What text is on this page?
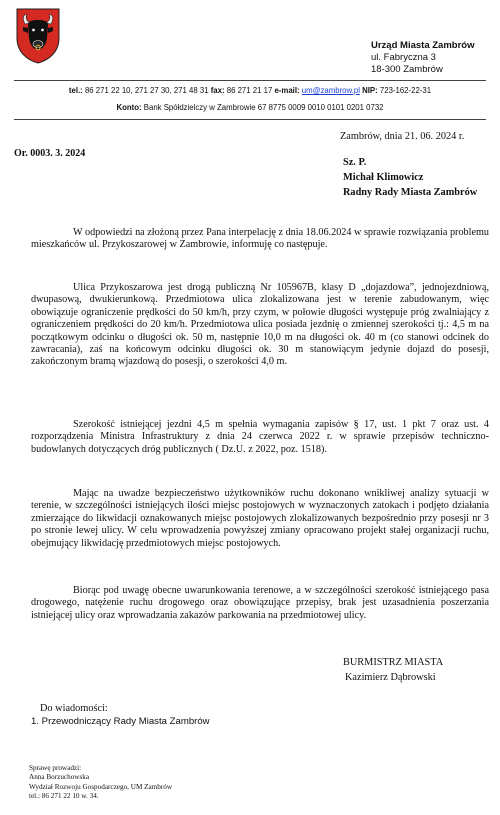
Urząd Miasta Zambrów
ul. Fabryczna 3
18-300 Zambrów
tel.: 86 271 22 10, 271 27 30, 271 48 31 fax: 86 271 21 17 e-mail: um@zambrow.pl NIP: 723-162-22-31
Konto: Bank Spółdzielczy w Zambrowie 67 8775 0009 0010 0101 0201 0732
Zambrów, dnia 21. 06. 2024 r.
Or. 0003. 3. 2024
Sz. P.
Michał Klimowicz
Radny Rady Miasta Zambrów

W odpowiedzi na złożoną przez Pana interpelację z dnia 18.06.2024 w sprawie rozwiązania problemu mieszkańców ul. Przykoszarowej w Zambrowie, informuję co następuje.

Ulica Przykoszarowa jest drogą publiczną Nr 105967B, klasy D „dojazdowa”, jednojezdniową, dwupasową, dwukierunkową. Przedmiotowa ulica zlokalizowana jest w terenie zabudowanym, więc obowiązuje ograniczenie prędkości do 50 km/h, przy czym, w połowie długości występuje próg zwalniający z ograniczeniem prędkości do 20 km/h. Przedmiotowa ulica posiada jezdnię o zmiennej szerokości tj.: 4,5 m na początkowym odcinku o długości ok. 50 m, następnie 10,0 m na długości ok. 40 m (co stanowi odcinek do zawracania), zaś na końcowym odcinku długości ok. 30 m stanowiącym jedynie dojazd do posesji, zakończonym bramą wjazdową do posesji, o szerokości 4,0 m.

Szerokość istniejącej jezdni 4,5 m spełnia wymagania zapisów § 17, ust. 1 pkt 7 oraz ust. 4 rozporządzenia Ministra Infrastruktury z dnia 24 czerwca 2022 r. w sprawie przepisów techniczno-budowlanych dotyczących dróg publicznych ( Dz.U. z 2022, poz. 1518).

Mając na uwadze bezpieczeństwo użytkowników ruchu dokonano wnikliwej analizy sytuacji w terenie, w szczególności istniejących ilości miejsc postojowych w wyznaczonych zatokach i podjęto działania zmierzające do likwidacji oznakowanych miejsc postojowych zlokalizowanych bezpośrednio przy posesji nr 3 po stronie lewej ulicy. W celu wprowadzenia powyższej zmiany opracowano projekt stałej organizacji ruchu, obejmujący likwidację przedmiotowych miejsc postojowych.

Biorąc pod uwagę obecne uwarunkowania terenowe, a w szczególności szerokość istniejącego pasa drogowego, natężenie ruchu drogowego oraz obowiązujące przepisy, brak jest uzasadnienia poszerzania istniejącej ulicy oraz wprowadzania zakazów parkowania na przedmiotowej ulicy.

BURMISTRZ MIASTA
Kazimierz Dąbrowski
Do wiadomości:
1. Przewodniczący Rady Miasta Zambrów
Sprawę prowadzi:
Anna Borzuchowska
Wydział Rozwoju Gospodarczego, UM Zambrów
tel.: 86 271 22 10 w. 34.
